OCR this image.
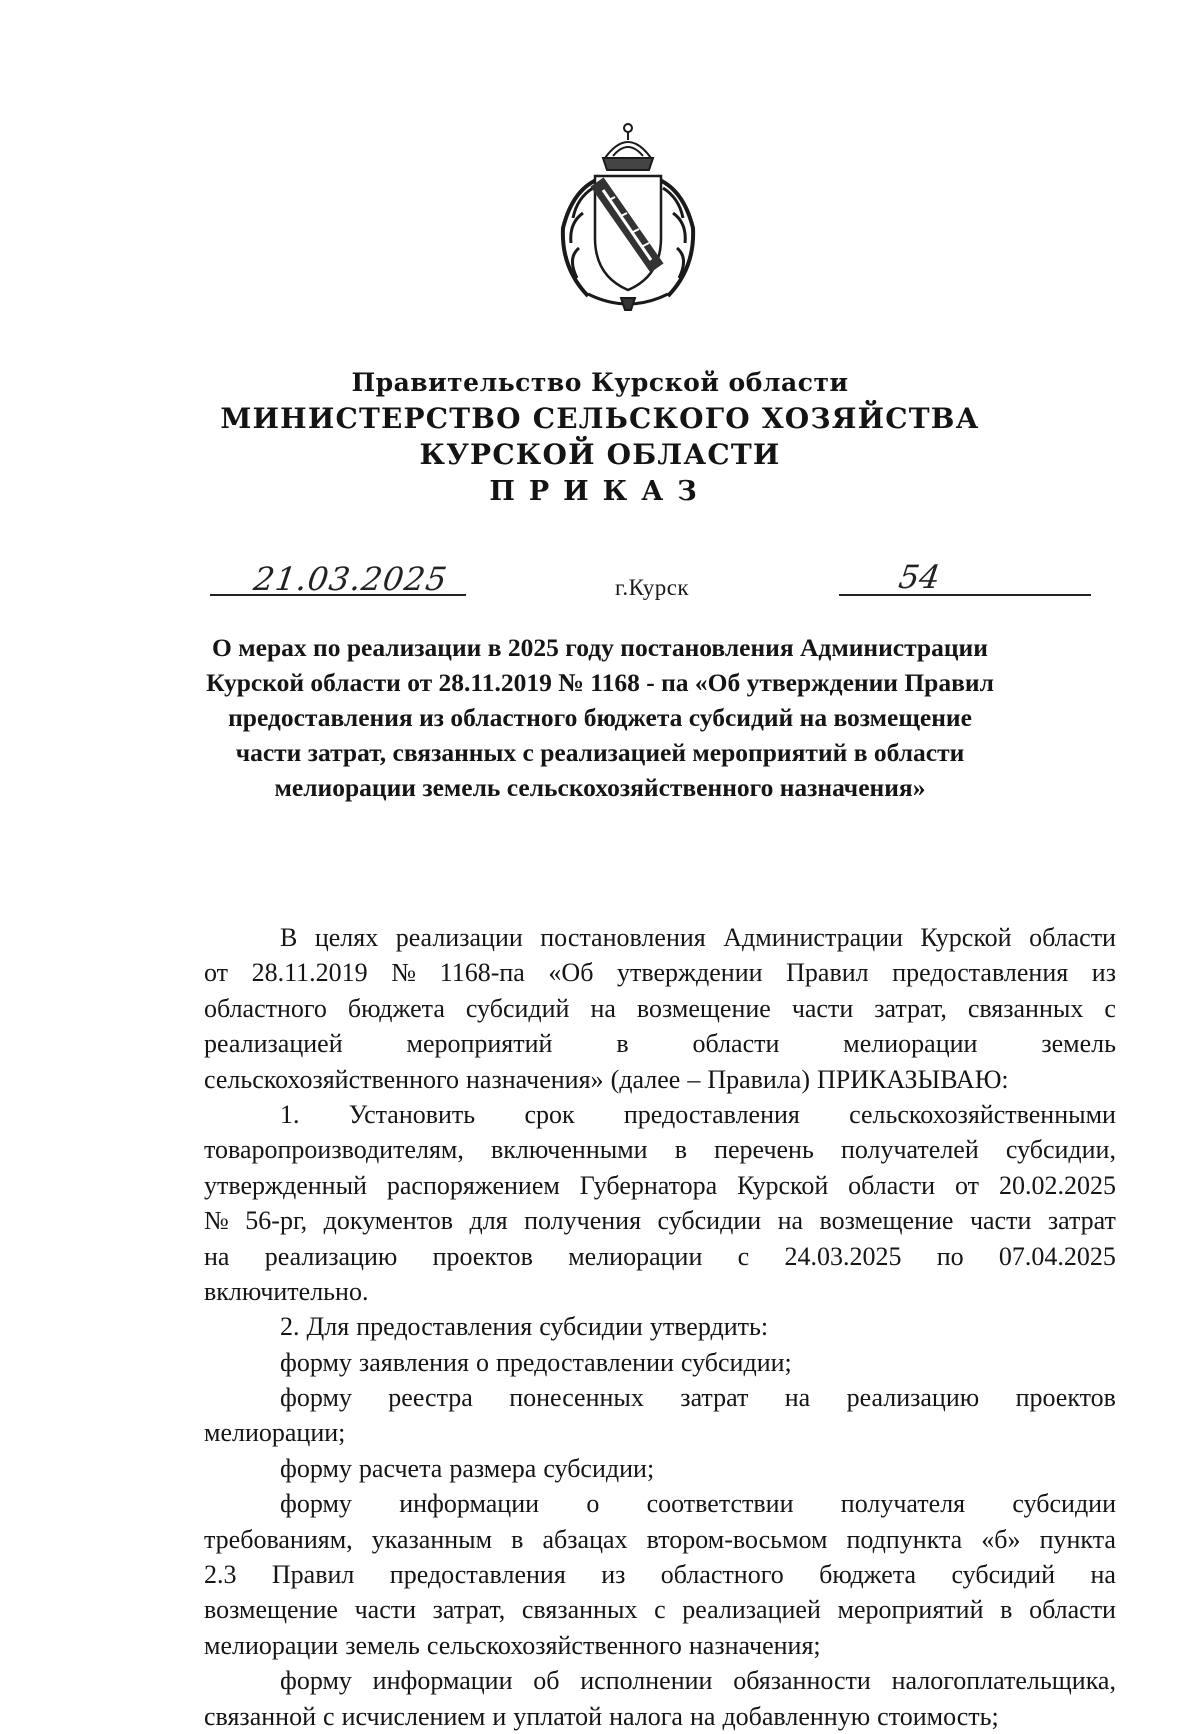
Правительство Курской области
МИНИСТЕРСТВО СЕЛЬСКОГО ХОЗЯЙСТВА
КУРСКОЙ ОБЛАСТИ
ПРИКАЗ
21.03.2025	г.Курск	54
О мерах по реализации в 2025 году постановления Администрации
Курской области от 28.11.2019 № 1168 - па «Об утверждении Правил
предоставления из областного бюджета субсидий на возмещение
части затрат, связанных с реализацией мероприятий в области
мелиорации земель сельскохозяйственного назначения»
В целях реализации постановления Администрации Курской области
от 28.11.2019 № 1168-па «Об утверждении Правил предоставления из
областного бюджета субсидий на возмещение части затрат, связанных с
реализацией мероприятий в области мелиорации земель
сельскохозяйственного назначения» (далее – Правила) ПРИКАЗЫВАЮ:
1. Установить срок предоставления сельскохозяйственными
товаропроизводителям, включенными в перечень получателей субсидии,
утвержденный распоряжением Губернатора Курской области от 20.02.2025
№ 56-рг, документов для получения субсидии на возмещение части затрат
на реализацию проектов мелиорации с 24.03.2025 по 07.04.2025
включительно.
2. Для предоставления субсидии утвердить:
форму заявления о предоставлении субсидии;
форму реестра понесенных затрат на реализацию проектов
мелиорации;
форму расчета размера субсидии;
форму информации о соответствии получателя субсидии
требованиям, указанным в абзацах втором-восьмом подпункта «б» пункта
2.3 Правил предоставления из областного бюджета субсидий на
возмещение части затрат, связанных с реализацией мероприятий в области
мелиорации земель сельскохозяйственного назначения;
форму информации об исполнении обязанности налогоплательщика,
связанной с исчислением и уплатой налога на добавленную стоимость;
